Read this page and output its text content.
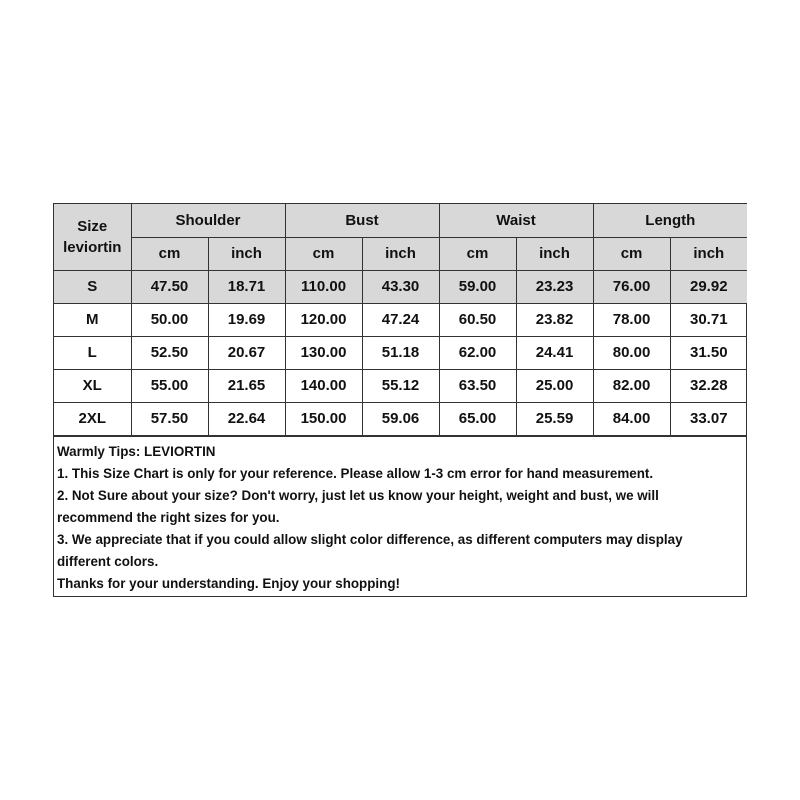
Size
leviortin	Shoulder		Bust		Waist		Length	
	cm	inch	cm	inch	cm	inch	cm	inch
S	47.50	18.71	110.00	43.30	59.00	23.23	76.00	29.92
M	50.00	19.69	120.00	47.24	60.50	23.82	78.00	30.71
L	52.50	20.67	130.00	51.18	62.00	24.41	80.00	31.50
XL	55.00	21.65	140.00	55.12	63.50	25.00	82.00	32.28
2XL	57.50	22.64	150.00	59.06	65.00	25.59	84.00	33.07
Warmly Tips: LEVIORTIN
1. This Size Chart is only for your reference. Please allow 1-3 cm error for hand measurement.
2. Not Sure about your size? Don't worry, just let us know your height, weight and bust, we will
recommend the right sizes for you.
3. We appreciate that if you could allow slight color difference, as different computers may display
different colors.
Thanks for your understanding. Enjoy your shopping!
